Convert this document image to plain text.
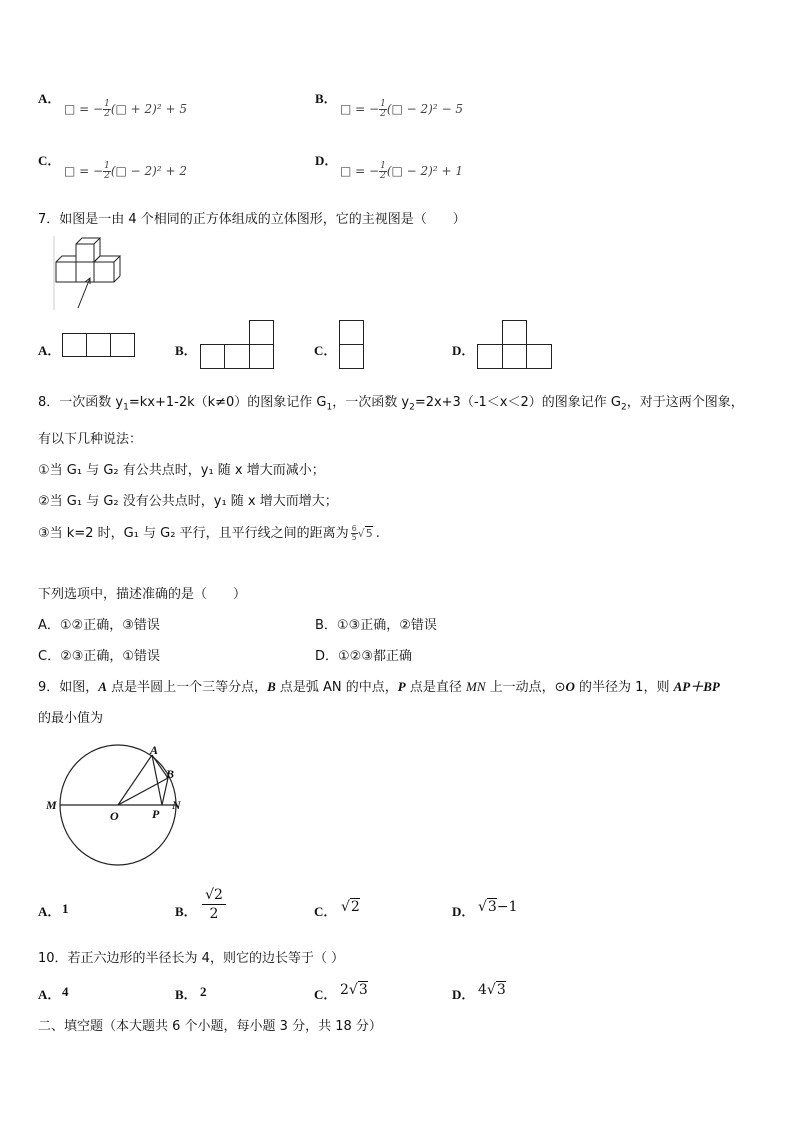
A．
□ = − $\frac{1}{2}$ (□ + 2)² + 5
B．
□ = − $\frac{1}{2}$ (□ − 2)² − 5
C．
□ = − $\frac{1}{2}$ (□ − 2)² + 2
D．
□ = − $\frac{1}{2}$ (□ − 2)² + 1
7．如图是一由 4 个相同的正方体组成的立体图形，它的主视图是（　　）
A．	B．	C．	D．
8．一次函数 $y_1=kx+1-2k(k\ne 0)$的图象记作 $G_1$，一次函数 $y_2=2x+3(-1<x<2)$的图象记作 $G_2$，对于这两个图象，
有以下几种说法：
①当 G₁ 与 G₂ 有公共点时，y₁ 随 x 增大而减小；
②当 G₁ 与 G₂ 没有公共点时，y₁ 随 x 增大而增大；
③当 k=2 时，G₁ 与 G₂ 平行，且平行线之间的距离为 $\frac{6}{5} √5$ .
下列选项中，描述准确的是（　　）
A．①②正确，③错误	B．①③正确，②错误
C．②③正确，①错误	D．①②③都正确
9．如图，A 点是半圆上一个三等分点，B 点是弧 AN 的中点，P 点是直径 MN 上一动点，⊙O 的半径为 1，则 AP＋BP
的最小值为
A
B
M
O	P
N
A． 1	B． $\frac{√2}{2}$	C． √2	D． √3−1
10．若正六边形的半径长为 4，则它的边长等于（ ）
A． 4	B． 2	C． 2√3	D． 4√3
二、填空题（本大题共 6 个小题，每小题 3 分，共 18 分）
